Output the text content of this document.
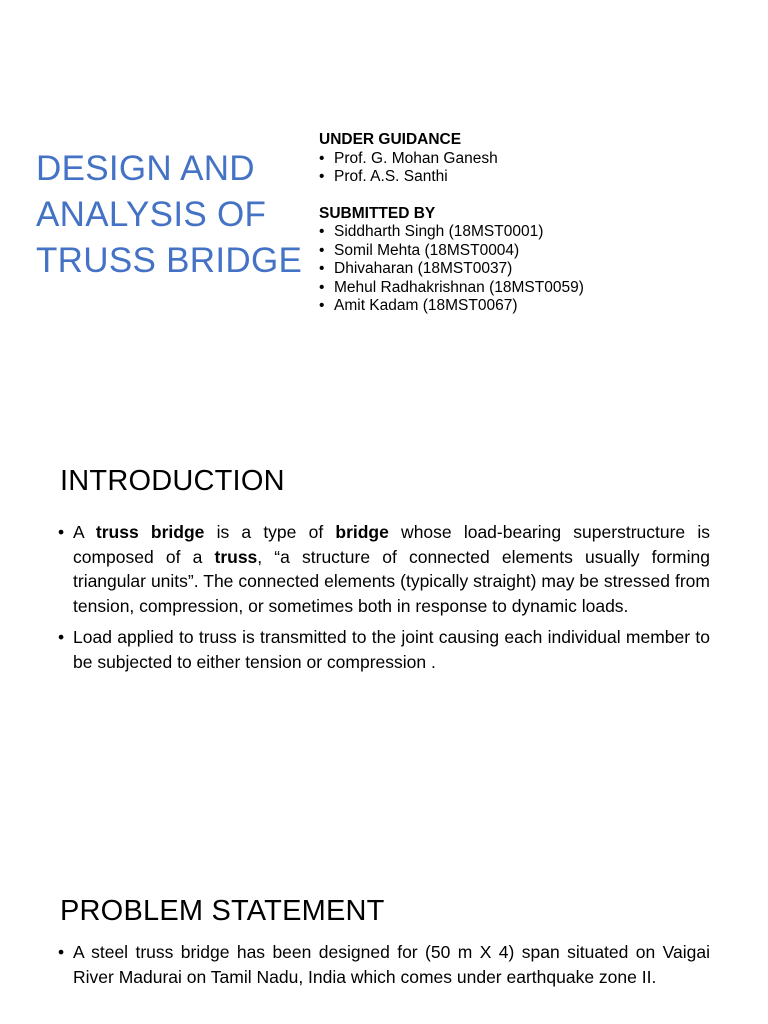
DESIGN AND
ANALYSIS OF
TRUSS BRIDGE

UNDER GUIDANCE

• Prof. G. Mohan Ganesh
• Prof. A.S. Santhi

SUBMITTED BY

• Siddharth Singh (18MST0001)
• Somil Mehta (18MST0004)
• Dhivaharan (18MST0037)
• Mehul Radhakrishnan (18MST0059)
• Amit Kadam (18MST0067)
INTRODUCTION
• A truss bridge is a type of bridge whose load-bearing superstructure is composed of a truss, “a structure of connected elements usually forming triangular units”. The connected elements (typically straight) may be stressed from tension, compression, or sometimes both in response to dynamic loads.
• Load applied to truss is transmitted to the joint causing each individual member to be subjected to either tension or compression .
PROBLEM STATEMENT
• A steel truss bridge has been designed for (50 m X 4) span situated on Vaigai River Madurai on Tamil Nadu, India which comes under earthquake zone II.
